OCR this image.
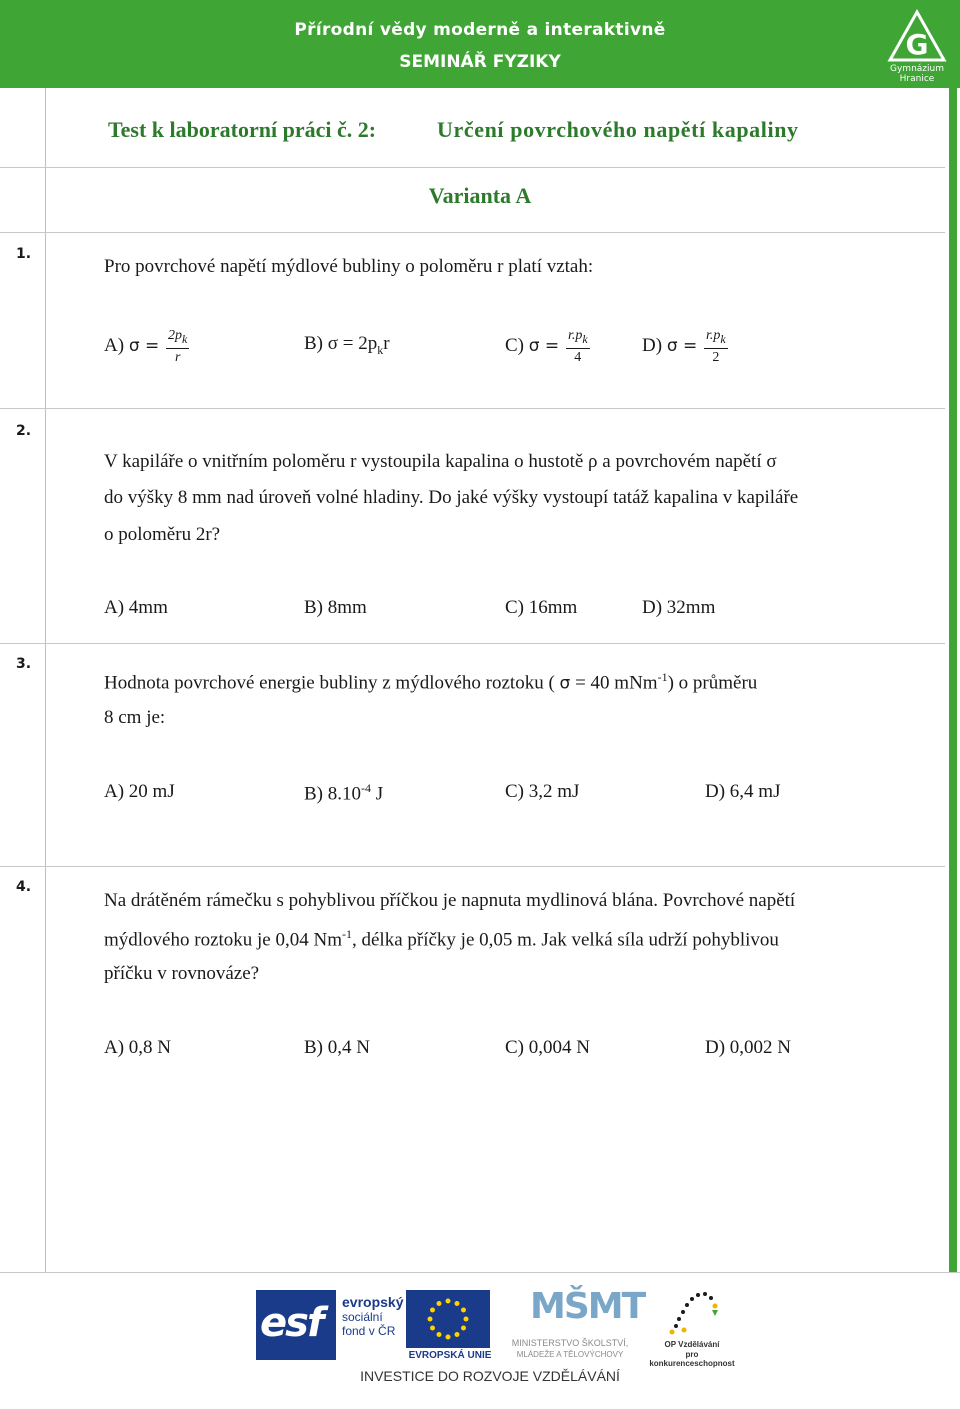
Přírodní vědy moderně a interaktivně
SEMINÁŘ FYZIKY
G
Gymnázium
Hranice
Test k laboratorní práci č. 2:	Určení povrchového napětí kapaliny
Varianta A
1.
Pro povrchové napětí mýdlové bubliny o poloměru r platí vztah:
A) $\sigma = \frac{2p_k}{r}$	B) $\sigma = 2p_kr$	C) $\sigma = \frac{r.p_k}{4}$	D) $\sigma = \frac{r.p_k}{2}$
2.
V kapiláře o vnitřním poloměru r vystoupila kapalina o hustotě ρ a povrchovém napětí σ
do výšky 8 mm nad úroveň volné hladiny. Do jaké výšky vystoupí tatáž kapalina v kapiláře
o poloměru 2r?
A) 4mm	B) 8mm	C) 16mm	D) 32mm
3.
Hodnota povrchové energie bubliny z mýdlového roztoku ( σ = 40 mNm$^{-1}$) o průměru
8 cm je:
A) 20 mJ	B) $8.10^{-4}$ J	C) 3,2 mJ	D) 6,4 mJ
4.
Na drátěném rámečku s pohyblivou příčkou je napnuta mydlinová blána. Povrchové napětí
mýdlového roztoku je 0,04 $Nm^{-1}$, délka příčky je 0,05 m. Jak velká síla udrží pohyblivou
příčku v rovnováze?
A) 0,8 N	B) 0,4 N	C) 0,004 N	D) 0,002 N
esf evropský
sociální
fond v ČR
EVROPSKÁ UNIE
MŠMT
MINISTERSTVO ŠKOLSTVÍ,
MLÁDEŽE A TĚLOVÝCHOVY
OP Vzdělávání
pro konkurenceschopnost
INVESTICE DO ROZVOJE VZDĚLÁVÁNÍ
